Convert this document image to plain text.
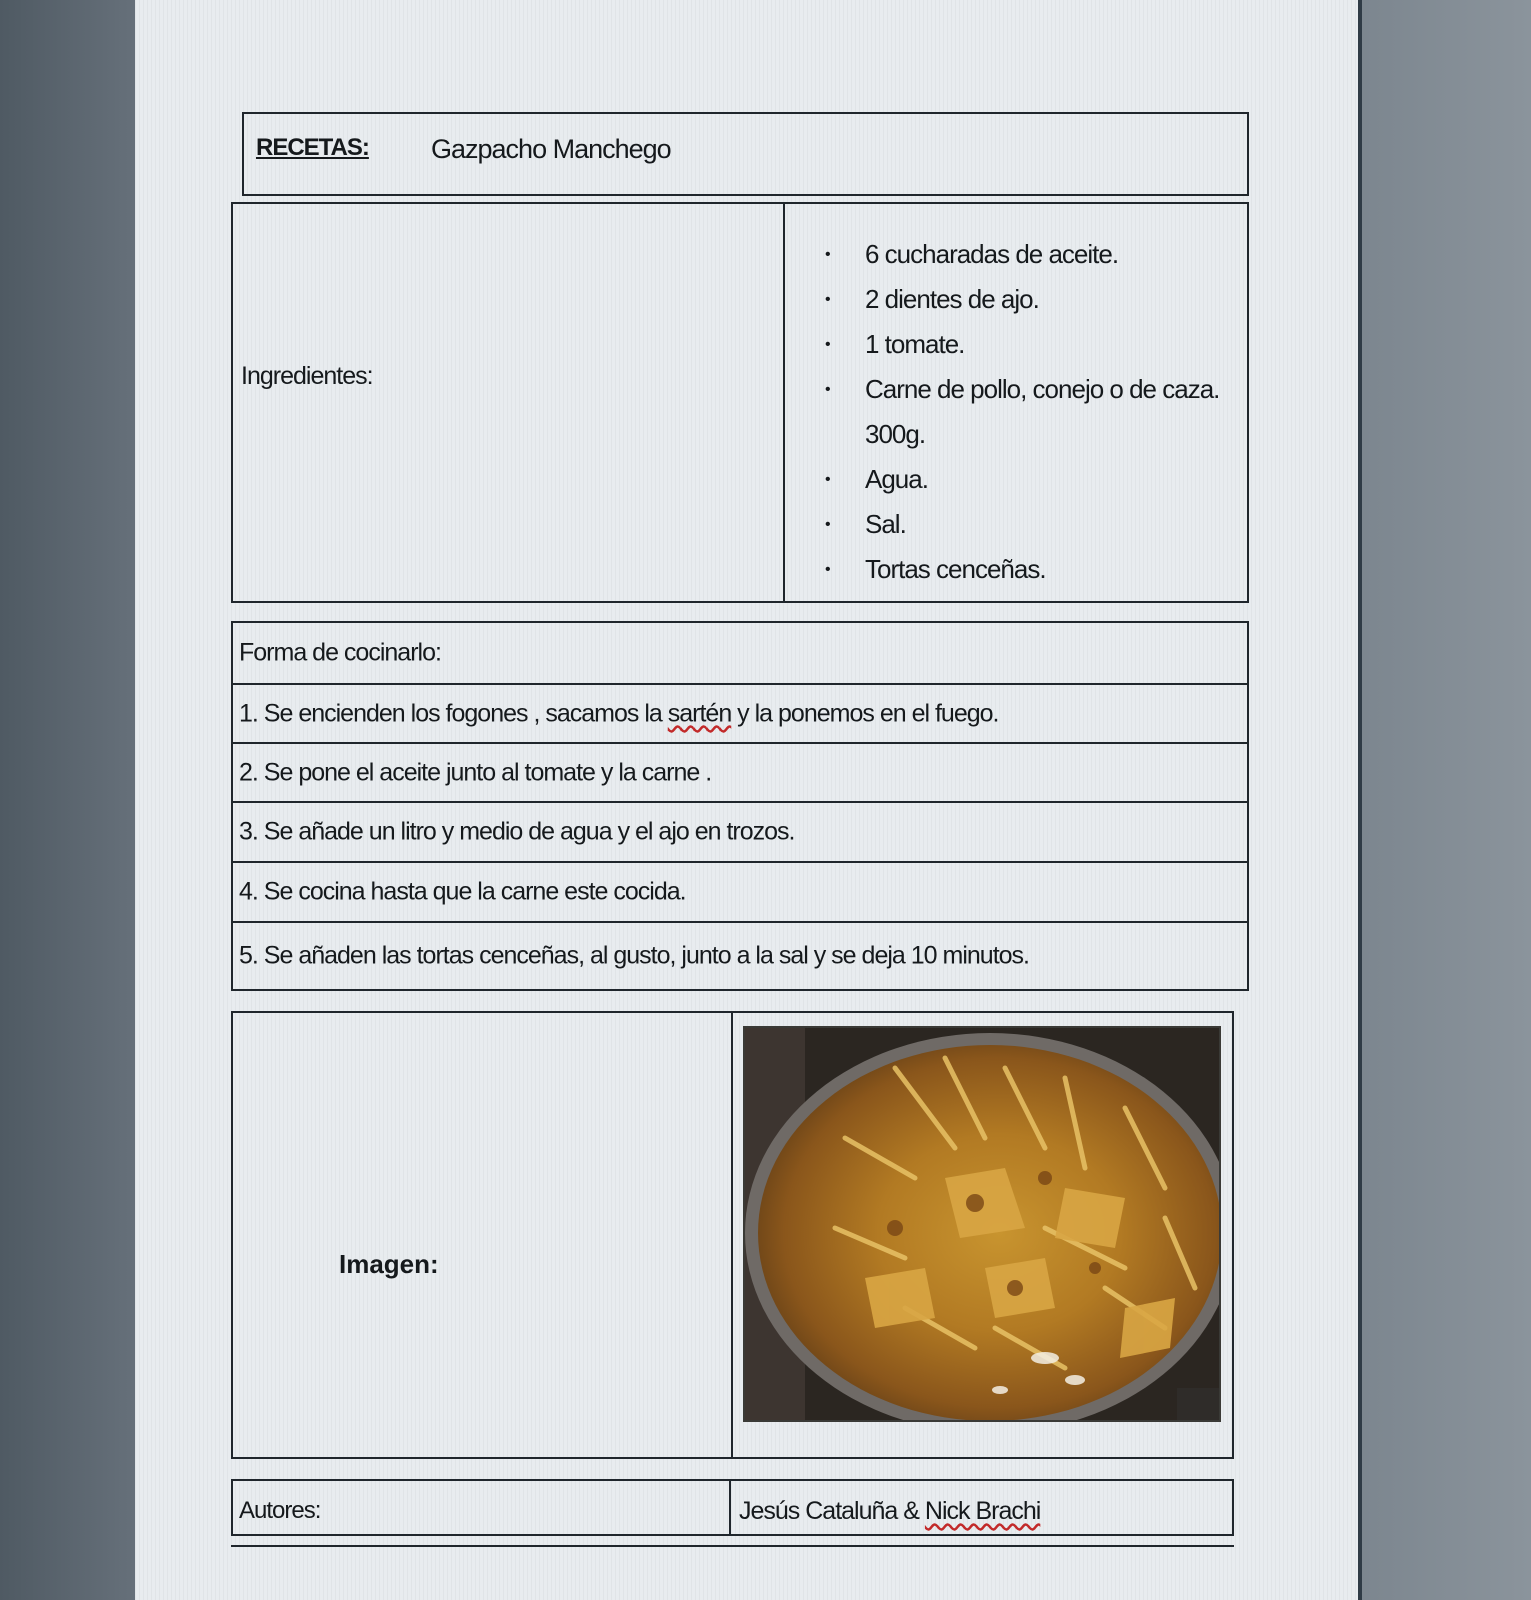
RECETAS: Gazpacho Manchego
Ingredientes:
• 6 cucharadas de aceite.
• 2 dientes de ajo.
• 1 tomate.
• Carne de pollo, conejo o de caza.
300g.
• Agua.
• Sal.
• Tortas cenceñas.
Forma de cocinarlo:
1. Se encienden los fogones , sacamos la sartén y la ponemos en el fuego.
2. Se pone el aceite junto al tomate y la carne .
3. Se añade un litro y medio de agua y el ajo en trozos.
4. Se cocina hasta que la carne este cocida.
5. Se añaden las tortas cenceñas, al gusto, junto a la sal y se deja 10 minutos.
Imagen:
Autores:	Jesús Cataluña & Nick Brachi
